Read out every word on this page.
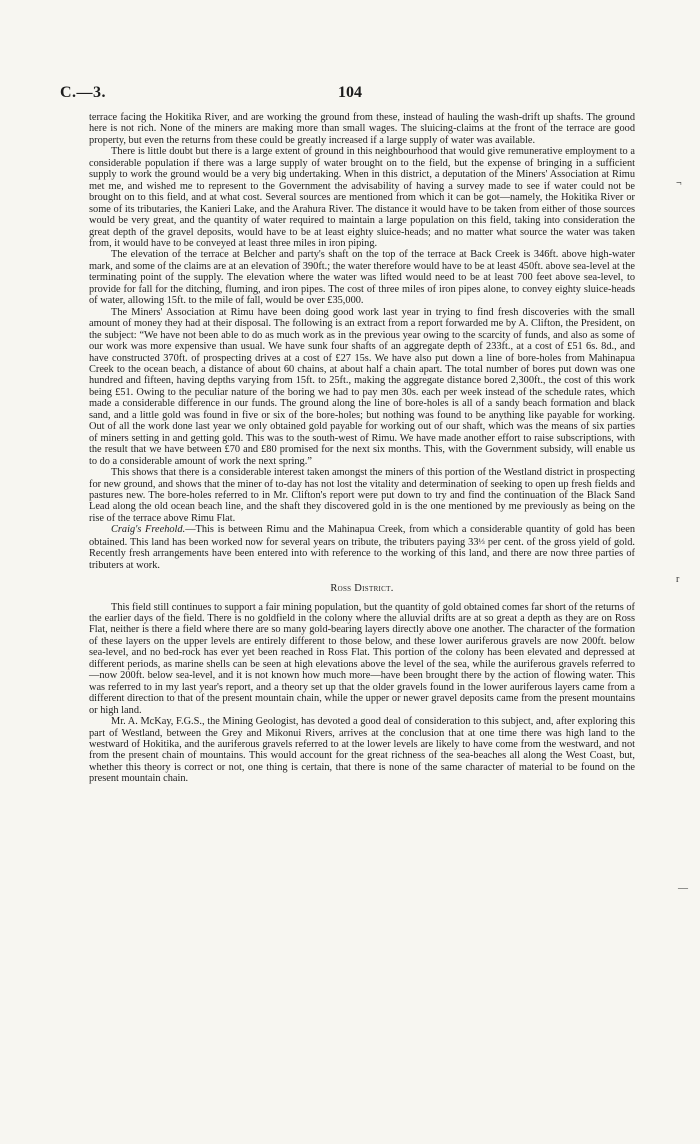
C.—3.	104

terrace facing the Hokitika River, and are working the ground from these, instead of hauling the wash-drift up shafts. The ground here is not rich. None of the miners are making more than small wages. The sluicing-claims at the front of the terrace are good property, but even the returns from these could be greatly increased if a large supply of water was available.

There is little doubt but there is a large extent of ground in this neighbourhood that would give remunerative employment to a considerable population if there was a large supply of water brought on to the field, but the expense of bringing in a sufficient supply to work the ground would be a very big undertaking. When in this district, a deputation of the Miners' Association at Rimu met me, and wished me to represent to the Government the advisability of having a survey made to see if water could not be brought on to this field, and at what cost. Several sources are mentioned from which it can be got—namely, the Hokitika River or some of its tributaries, the Kanieri Lake, and the Arahura River. The distance it would have to be taken from either of those sources would be very great, and the quantity of water required to maintain a large population on this field, taking into consideration the great depth of the gravel deposits, would have to be at least eighty sluice-heads; and no matter what source the water was taken from, it would have to be conveyed at least three miles in iron piping.

The elevation of the terrace at Belcher and party's shaft on the top of the terrace at Back Creek is 346ft. above high-water mark, and some of the claims are at an elevation of 390ft.; the water therefore would have to be at least 450ft. above sea-level at the terminating point of the supply. The elevation where the water was lifted would need to be at least 700 feet above sea-level, to provide for fall for the ditching, fluming, and iron pipes. The cost of three miles of iron pipes alone, to convey eighty sluice-heads of water, allowing 15ft. to the mile of fall, would be over £35,000.

The Miners' Association at Rimu have been doing good work last year in trying to find fresh discoveries with the small amount of money they had at their disposal. The following is an extract from a report forwarded me by A. Clifton, the President, on the subject: “We have not been able to do as much work as in the previous year owing to the scarcity of funds, and also as some of our work was more expensive than usual. We have sunk four shafts of an aggregate depth of 233ft., at a cost of £51 6s. 8d., and have constructed 370ft. of prospecting drives at a cost of £27 15s. We have also put down a line of bore-holes from Mahinapua Creek to the ocean beach, a distance of about 60 chains, at about half a chain apart. The total number of bores put down was one hundred and fifteen, having depths varying from 15ft. to 25ft., making the aggregate distance bored 2,300ft., the cost of this work being £51. Owing to the peculiar nature of the boring we had to pay men 30s. each per week instead of the schedule rates, which made a considerable difference in our funds. The ground along the line of bore-holes is all of a sandy beach formation and black sand, and a little gold was found in five or six of the bore-holes; but nothing was found to be anything like payable for working. Out of all the work done last year we only obtained gold payable for working out of our shaft, which was the means of six parties of miners setting in and getting gold. This was to the south-west of Rimu. We have made another effort to raise subscriptions, with the result that we have between £70 and £80 promised for the next six months. This, with the Government subsidy, will enable us to do a considerable amount of work the next spring.”

This shows that there is a considerable interest taken amongst the miners of this portion of the Westland district in prospecting for new ground, and shows that the miner of to-day has not lost the vitality and determination of seeking to open up fresh fields and pastures new. The bore-holes referred to in Mr. Clifton's report were put down to try and find the continuation of the Black Sand Lead along the old ocean beach line, and the shaft they discovered gold in is the one mentioned by me previously as being on the rise of the terrace above Rimu Flat.

Craig's Freehold.—This is between Rimu and the Mahinapua Creek, from which a considerable quantity of gold has been obtained. This land has been worked now for several years on tribute, the tributers paying 33⅓ per cent. of the gross yield of gold. Recently fresh arrangements have been entered into with reference to the working of this land, and there are now three parties of tributers at work.

Ross District.

This field still continues to support a fair mining population, but the quantity of gold obtained comes far short of the returns of the earlier days of the field. There is no goldfield in the colony where the alluvial drifts are at so great a depth as they are on Ross Flat, neither is there a field where there are so many gold-bearing layers directly above one another. The character of the formation of these layers on the upper levels are entirely different to those below, and these lower auriferous gravels are now 200ft. below sea-level, and no bed-rock has ever yet been reached in Ross Flat. This portion of the colony has been elevated and depressed at different periods, as marine shells can be seen at high elevations above the level of the sea, while the auriferous gravels referred to—now 200ft. below sea-level, and it is not known how much more—have been brought there by the action of flowing water. This was referred to in my last year's report, and a theory set up that the older gravels found in the lower auriferous layers came from a different direction to that of the present mountain chain, while the upper or newer gravel deposits came from the present mountains or high land.

Mr. A. McKay, F.G.S., the Mining Geologist, has devoted a good deal of consideration to this subject, and, after exploring this part of Westland, between the Grey and Mikonui Rivers, arrives at the conclusion that at one time there was high land to the westward of Hokitika, and the auriferous gravels referred to at the lower levels are likely to have come from the westward, and not from the present chain of mountains. This would account for the great richness of the sea-beaches all along the West Coast, but, whether this theory is correct or not, one thing is certain, that there is none of the same character of material to be found on the present mountain chain.

¬
r
—
